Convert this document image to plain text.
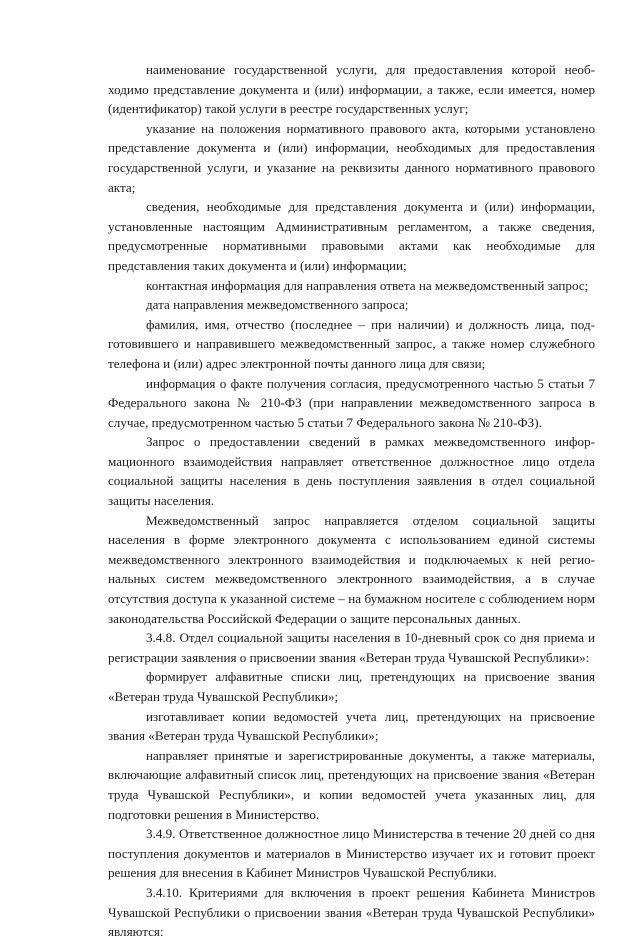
наименование государственной услуги, для предоставления которой необходимо представление документа и (или) информации, а также, если имеется, номер (идентификатор) такой услуги в реестре государственных услуг;

указание на положения нормативного правового акта, которыми установлено представление документа и (или) информации, необходимых для предоставления государственной услуги, и указание на реквизиты данного нормативного правового акта;

сведения, необходимые для представления документа и (или) информации, установленные настоящим Административным регламентом, а также сведения, предусмотренные нормативными правовыми актами как необходимые для представления таких документа и (или) информации;

контактная информация для направления ответа на межведомственный запрос;

дата направления межведомственного запроса;

фамилия, имя, отчество (последнее – при наличии) и должность лица, подготовившего и направившего межведомственный запрос, а также номер служебного телефона и (или) адрес электронной почты данного лица для связи;

информация о факте получения согласия, предусмотренного частью 5 статьи 7 Федерального закона № 210-ФЗ (при направлении межведомственного запроса в случае, предусмотренном частью 5 статьи 7 Федерального закона № 210-ФЗ).

Запрос о предоставлении сведений в рамках межведомственного информационного взаимодействия направляет ответственное должностное лицо отдела социальной защиты населения в день поступления заявления в отдел социальной защиты населения.

Межведомственный запрос направляется отделом социальной защиты населения в форме электронного документа с использованием единой системы межведомственного электронного взаимодействия и подключаемых к ней региональных систем межведомственного электронного взаимодействия, а в случае отсутствия доступа к указанной системе – на бумажном носителе с соблюдением норм законодательства Российской Федерации о защите персональных данных.

3.4.8. Отдел социальной защиты населения в 10-дневный срок со дня приема и регистрации заявления о присвоении звания «Ветеран труда Чувашской Республики»:

формирует алфавитные списки лиц, претендующих на присвоение звания «Ветеран труда Чувашской Республики»;

изготавливает копии ведомостей учета лиц, претендующих на присвоение звания «Ветеран труда Чувашской Республики»;

направляет принятые и зарегистрированные документы, а также материалы, включающие алфавитный список лиц, претендующих на присвоение звания «Ветеран труда Чувашской Республики», и копии ведомостей учета указанных лиц, для подготовки решения в Министерство.

3.4.9. Ответственное должностное лицо Министерства в течение 20 дней со дня поступления документов и материалов в Министерство изучает их и готовит проект решения для внесения в Кабинет Министров Чувашской Республики.

3.4.10. Критериями для включения в проект решения Кабинета Министров Чувашской Республики о присвоении звания «Ветеран труда Чувашской Республики» являются:
